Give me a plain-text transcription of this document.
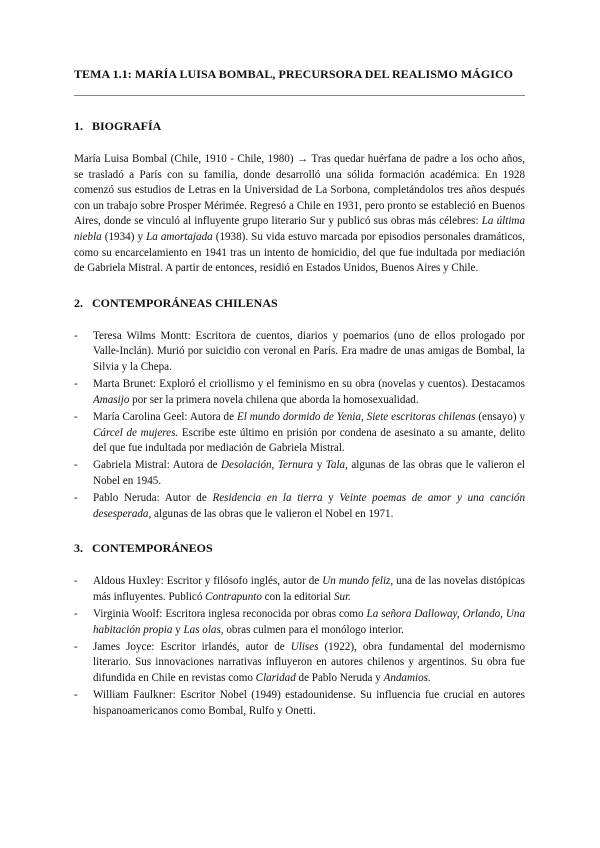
TEMA 1.1: MARÍA LUISA BOMBAL, PRECURSORA DEL REALISMO MÁGICO

1. BIOGRAFÍA

María Luisa Bombal (Chile, 1910 - Chile, 1980) → Tras quedar huérfana de padre a los ocho años, se trasladó a París con su familia, donde desarrolló una sólida formación académica. En 1928 comenzó sus estudios de Letras en la Universidad de La Sorbona, completándolos tres años después con un trabajo sobre Prosper Mérimée. Regresó a Chile en 1931, pero pronto se estableció en Buenos Aires, donde se vinculó al influyente grupo literario Sur y publicó sus obras más célebres: La última niebla (1934) y La amortajada (1938). Su vida estuvo marcada por episodios personales dramáticos, como su encarcelamiento en 1941 tras un intento de homicidio, del que fue indultada por mediación de Gabriela Mistral. A partir de entonces, residió en Estados Unidos, Buenos Aires y Chile.

2. CONTEMPORÁNEAS CHILENAS
- Teresa Wilms Montt: Escritora de cuentos, diarios y poemarios (uno de ellos prologado por Valle-Inclán). Murió por suicidio con veronal en París. Era madre de unas amigas de Bombal, la Silvia y la Chepa.
- Marta Brunet: Exploró el criollismo y el feminismo en su obra (novelas y cuentos). Destacamos Amasijo por ser la primera novela chilena que aborda la homosexualidad.
- María Carolina Geel: Autora de El mundo dormido de Yenia, Siete escritoras chilenas (ensayo) y Cárcel de mujeres. Escribe este último en prisión por condena de asesinato a su amante, delito del que fue indultada por mediación de Gabriela Mistral.
- Gabriela Mistral: Autora de Desolación, Ternura y Tala, algunas de las obras que le valieron el Nobel en 1945.
- Pablo Neruda: Autor de Residencia en la tierra y Veinte poemas de amor y una canción desesperada, algunas de las obras que le valieron el Nobel en 1971.
3. CONTEMPORÁNEOS
- Aldous Huxley: Escritor y filósofo inglés, autor de Un mundo feliz, una de las novelas distópicas más influyentes. Publicó Contrapunto con la editorial Sur.
- Virginia Woolf: Escritora inglesa reconocida por obras como La señora Dalloway, Orlando, Una habitación propia y Las olas, obras culmen para el monólogo interior.
- James Joyce: Escritor irlandés, autor de Ulises (1922), obra fundamental del modernismo literario. Sus innovaciones narrativas influyeron en autores chilenos y argentinos. Su obra fue difundida en Chile en revistas como Claridad de Pablo Neruda y Andamios.
- William Faulkner: Escritor Nobel (1949) estadounidense. Su influencia fue crucial en autores hispanoamericanos como Bombal, Rulfo y Onetti.
